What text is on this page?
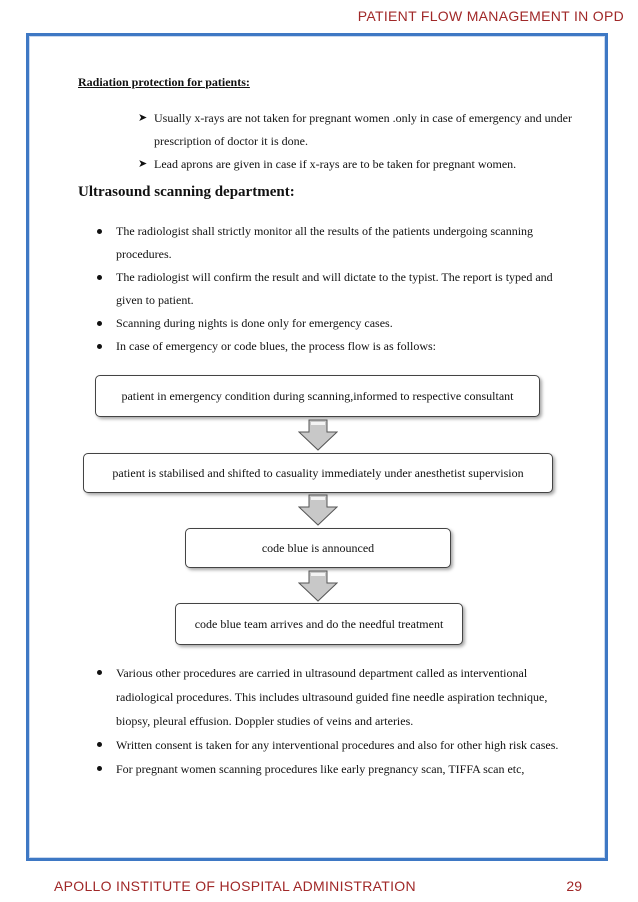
PATIENT FLOW MANAGEMENT IN OPD
Radiation protection for patients:
➤ Usually x-rays are not taken for pregnant women .only in case of emergency and under prescription of doctor it is done.
➤ Lead aprons are given in case if x-rays are to be taken for pregnant women.
Ultrasound scanning department:
The radiologist shall strictly monitor all the results of the patients undergoing scanning procedures.
The radiologist will confirm the result and will dictate to the typist. The report is typed and given to patient.
Scanning during nights is done only for emergency cases.
In case of emergency or code blues, the process flow is as follows:
patient in emergency condition during scanning,informed to respective consultant
patient is stabilised and shifted to casuality immediately under anesthetist supervision
code blue is announced
code blue team arrives and do the needful treatment
Various other procedures are carried in ultrasound department called as interventional radiological procedures. This includes ultrasound guided fine needle aspiration technique, biopsy, pleural effusion. Doppler studies of veins and arteries.
Written consent is taken for any interventional procedures and also for other high risk cases.
For pregnant women scanning procedures like early pregnancy scan, TIFFA scan etc,
APOLLO INSTITUTE OF HOSPITAL ADMINISTRATION	29
